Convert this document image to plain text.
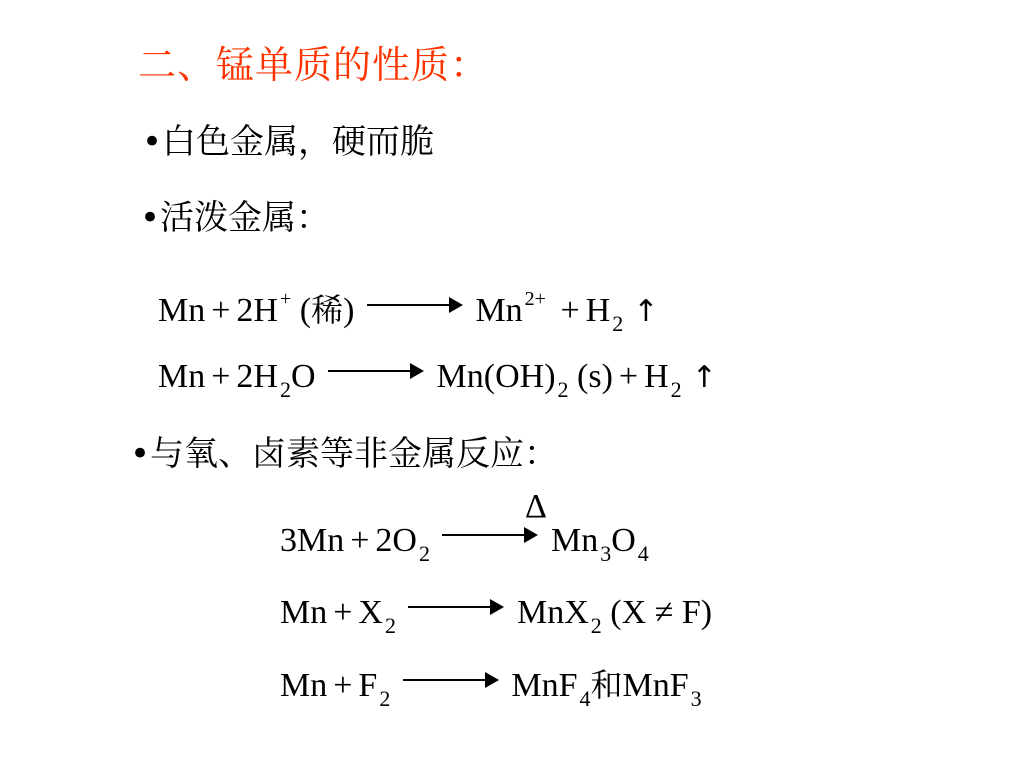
二、锰单质的性质：
•白色金属，硬而脆
•活泼金属：
Mn + 2H + (稀)	Mn $^{2+} + H_2$ ↑
$Mn + 2H_2O$	$Mn(OH)_2$ $(s) + H_2$ ↑
•与氧、卤素等非金属反应：
Δ
$3Mn + 2O_2$	$Mn_3O_4$
$Mn + X_2$	MnX$_2$ (X ≠ F)
$Mn + F_2$	MnF$_4$和MnF$_3$
